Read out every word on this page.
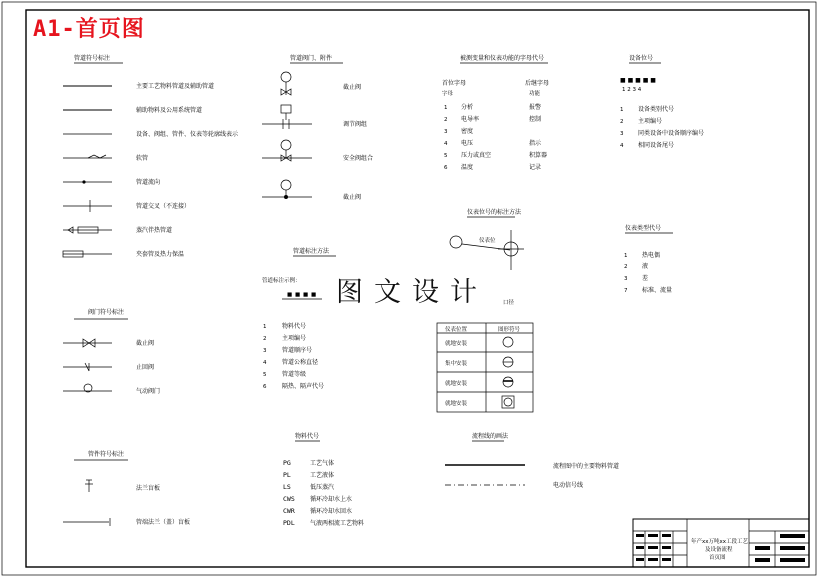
A1-首页图
图文设计
管道符号标注
主要工艺物料管道及辅助管道
辅助物料及公用系统管道
设备、阀组、管件、仪表等轮廓线表示
软管
管道流向
管道交叉（不连接）
蒸汽伴热管道
夹套管及热力保温
管道阀门、附件
截止阀
调节阀组
安全阀组合
截止阀
被测变量和仪表功能的字母代号
首位字母	后继字母
字母	功能
1 分析	报警
2 电导率	控制
3 密度
4 电压	指示
5 压力或真空	积算器
6 温度	记录
设备位号
■ ■ ■ ■ ■
1 2 3 4
1 设备类别代号
2 主项编号
3 同类设备中设备顺序编号
4 相同设备尾号
仪表位号的标注方法
仪表位
口径
仪表类型代号
1 热电偶
2 液
3 差
7 标准、流量
管道标注方法
管道标注示例：
■ ■ ■ ■
1	物料代号
2	主项编号
3	管道顺序号
4	管道公称直径
5	管道等级
6	隔热、隔声代号
阀门符号标注
截止阀
止回阀
气动阀门
仪表位置	图形符号
就地安装
集中安装
就地安装
就地安装
物料代号
PG	工艺气体
PL	工艺液体
LS	低压蒸汽
CWS	循环冷却水上水
CWR	循环冷却水回水
PDL	气液两相流工艺物料
流程线的画法
流程图中的主要物料管道
电动信号线
管件符号标注
法兰盲板
管端法兰（盖）盲板
年产xx万吨xx工段工艺
及设备流程
首页图
